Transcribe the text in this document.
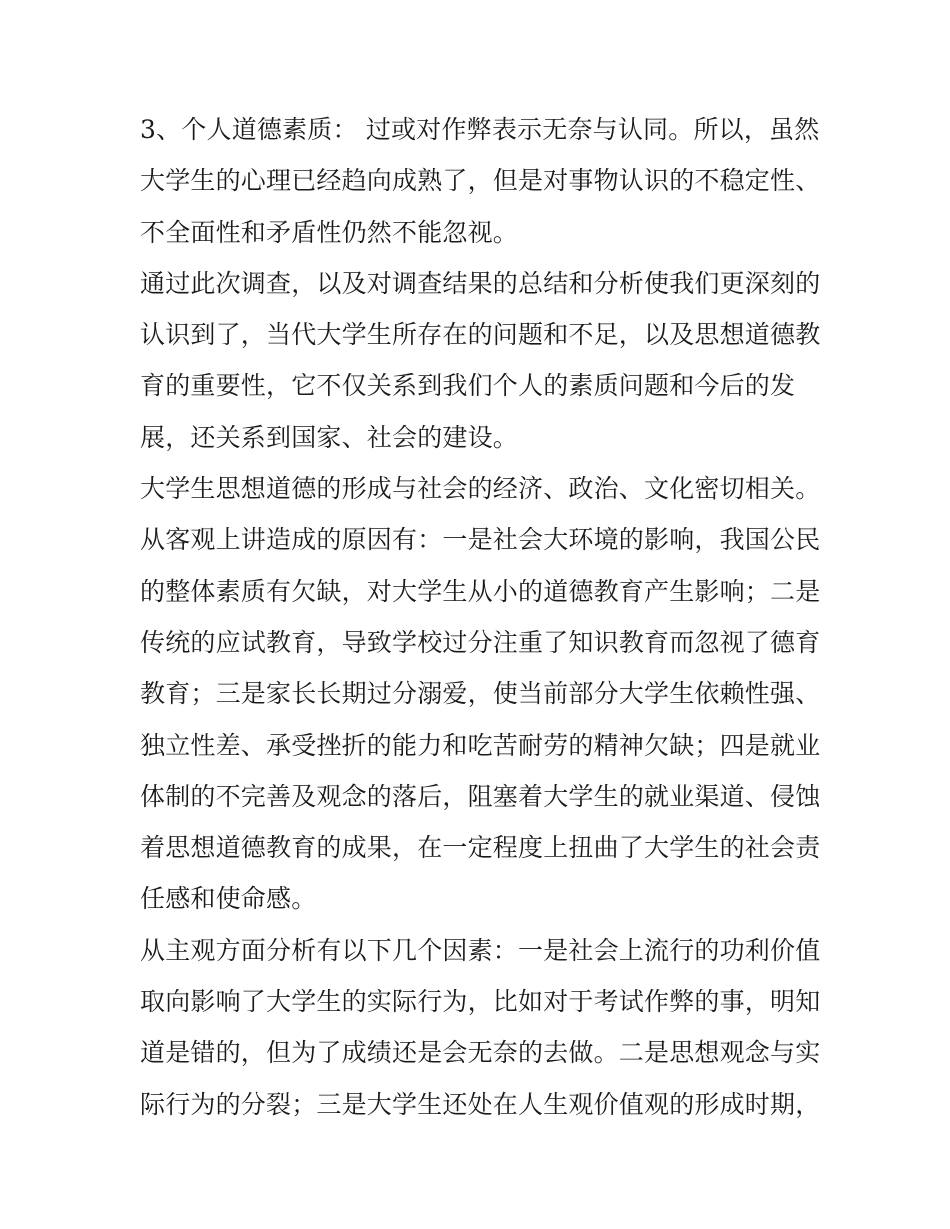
3、个人道德素质： 过或对作弊表示无奈与认同。所以，虽然
大学生的心理已经趋向成熟了，但是对事物认识的不稳定性、
不全面性和矛盾性仍然不能忽视。
通过此次调查，以及对调查结果的总结和分析使我们更深刻的
认识到了，当代大学生所存在的问题和不足，以及思想道德教
育的重要性，它不仅关系到我们个人的素质问题和今后的发
展，还关系到国家、社会的建设。
大学生思想道德的形成与社会的经济、政治、文化密切相关。
从客观上讲造成的原因有：一是社会大环境的影响，我国公民
的整体素质有欠缺，对大学生从小的道德教育产生影响；二是
传统的应试教育，导致学校过分注重了知识教育而忽视了德育
教育；三是家长长期过分溺爱，使当前部分大学生依赖性强、
独立性差、承受挫折的能力和吃苦耐劳的精神欠缺；四是就业
体制的不完善及观念的落后，阻塞着大学生的就业渠道、侵蚀
着思想道德教育的成果，在一定程度上扭曲了大学生的社会责
任感和使命感。
从主观方面分析有以下几个因素：一是社会上流行的功利价值
取向影响了大学生的实际行为，比如对于考试作弊的事，明知
道是错的，但为了成绩还是会无奈的去做。二是思想观念与实
际行为的分裂；三是大学生还处在人生观价值观的形成时期，
